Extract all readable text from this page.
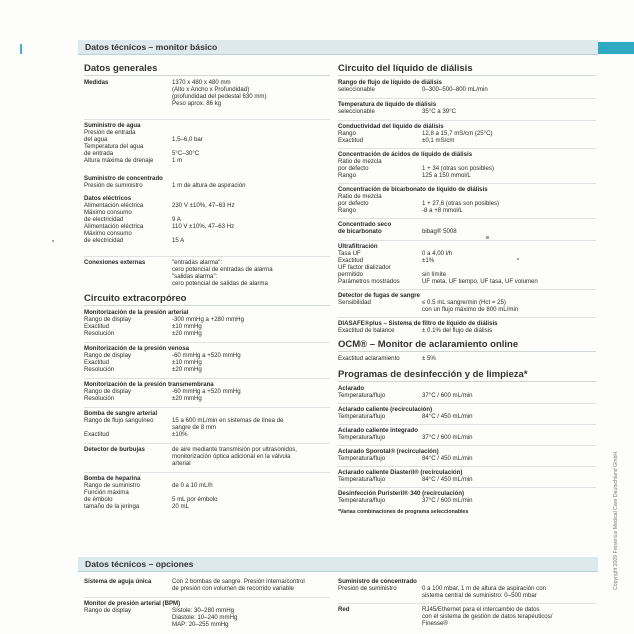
Datos técnicos – monitor básico
Datos generales
Medidas	1370 x 480 x 480 mm
(Alto x Ancho x Profundidad)
(profundidad del pedestal 630 mm)
Peso aprox. 86 kg
Suministro de agua
Presión de entrada
del agua	1,5–6,0 bar
Temperatura del agua
de entrada	5°C–30°C
Altura máxima de drenaje	1 m
Suministro de concentrado
Presión de suministro	1 m de altura de aspiración
Datos eléctricos
Alimentación eléctrica	230 V ±10%, 47–63 Hz
Máximo consumo
de electricidad	9 A
Alimentación eléctrica	110 V ±10%, 47–63 Hz
Máximo consumo
de electricidad	15 A
Conexiones externas	"entradas alarma":
cero potencial de entradas de alarma
"salidas alarma":
cero potencial de salidas de alarma
Circuito extracorpóreo
Monitorización de la presión arterial
Rango de display	-300 mmHg a +280 mmHg
Exactitud	±10 mmHg
Resolución	±20 mmHg
Monitorización de la presión venosa
Rango de display	-60 mmHg a +520 mmHg
Exactitud	±10 mmHg
Resolución	±20 mmHg
Monitorización de la presión transmembrana
Rango de display	-60 mmHg a +520 mmHg
Resolución	±20 mmHg
Bomba de sangre arterial
Rango de flujo sanguíneo	15 a 600 mL/min en sistemas de línea de
sangre de 8 mm
Exactitud	±10%
Detector de burbujas	de aire mediante transmisión por ultrasonidos,
monitorización óptica adicional en la válvula
arterial
Bomba de heparina
Rango de suministro	de 0 a 10 mL/h
Función máxima
de émbolo	5 mL por émbolo
tamaño de la jeringa	20 mL
Circuito del líquido de diálisis
Rango de flujo de líquido de diálisis
seleccionable	0–300–500–800 mL/min
Temperatura de líquido de diálisis
seleccionable	35°C a 39°C
Conductividad del líquido de diálisis
Rango	12,8 a 15,7 mS/cm (25°C)
Exactitud	±0,1 mS/cm
Concentración de ácidos de líquido de diálisis
Ratio de mezcla
por defecto	1 + 34 (otras son posibles)
Rango	125 a 150 mmol/L
Concentración de bicarbonato de líquido de diálisis
Ratio de mezcla
por defecto	1 + 27,6 (otras son posibles)
Rango	-8 a +8 mmol/L
Concentrado seco
de bicarbonato	bibag® 5008
Ultrafiltración
Tasa UF	0 a 4,00 l/h
Exactitud	±1%
UF factor dializador
permitido	sin límite
Parámetros mostrados	UF meta, UF tiempo, UF tasa, UF volumen
Detector de fugas de sangre
Sensibilidad	≤ 0.5 mL sangre/min (Hct = 25)
con un flujo máximo de 800 mL/min
DIASAFE®plus – Sistema de filtro de líquido de diálisis
Exactitud de balance	± 0.1% del flujo de diálisis
OCM® – Monitor de aclaramiento online
Exactitud aclaramiento	± 5%
Programas de desinfección y de limpieza*
Aclarado
Temperatura/flujo	37°C / 600 mL/min
Aclarado caliente (recirculación)
Temperatura/flujo	84°C / 450 mL/min
Aclarado caliente integrado
Temperatura/flujo	37°C / 600 mL/min
Aclarado Sporotal® (recirculación)
Temperatura/flujo	84°C / 450 mL/min
Aclarado caliente Diasteril® (recirculación)
Temperatura/flujo	84°C / 450 mL/min
Desinfección Puristeril® 340 (recirculación)
Temperatura/flujo	37°C / 600 mL/min
*Varias combinaciones de programa seleccionables
Datos técnicos – opciones
Sistema de aguja única	Con 2 bombas de sangre. Presión interna/control
de presión con volumen de recorrido variable
Monitor de presión arterial (BPM)
Rango de display	Sístole: 30–280 mmHg
Diástole: 10–240 mmHg
MAP: 20–255 mmHg
Suministro de concentrado
Presión de suministro	0 a 100 mbar, 1 m de altura de aspiración con
sistema central de suministro: 0–500 mbar
Red	RJ45/Ethernet para el intercambio de datos
con el sistema de gestión de datos terapéuticos/
Finesse®
Copyright 2009 Fresenius Medical Care Deutschland GmbH
